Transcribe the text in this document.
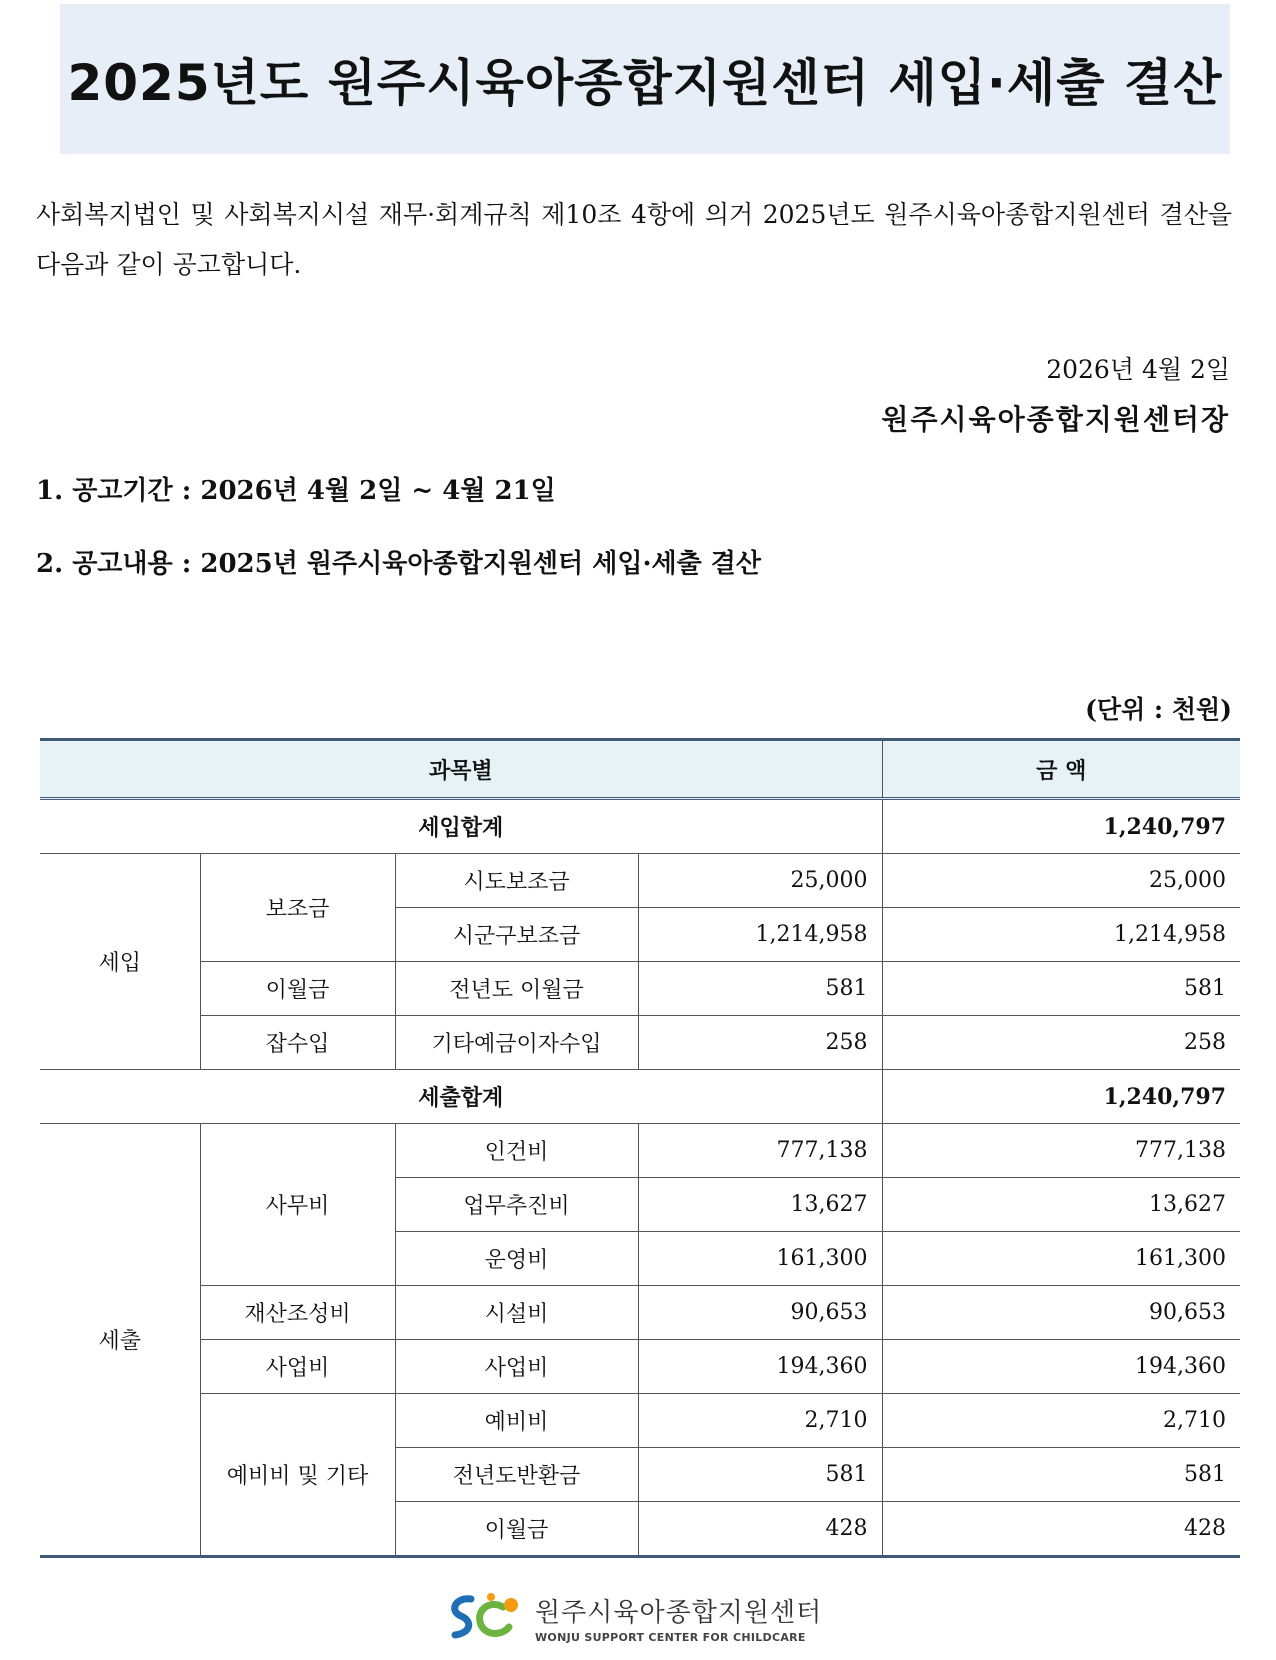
2025년도 원주시육아종합지원센터 세입·세출 결산
사회복지법인 및 사회복지시설 재무·회계규칙 제10조 4항에 의거 2025년도 원주시육아종합지원센터 결산을 다음과 같이 공고합니다.
2026년 4월 2일
원주시육아종합지원센터장
1. 공고기간 : 2026년 4월 2일 ~ 4월 21일
2. 공고내용 : 2025년 원주시육아종합지원센터 세입·세출 결산
(단위 : 천원)
과목별				금 액
세입합계				1,240,797
세입	보조금	시도보조금	25,000	25,000
		시군구보조금	1,214,958	1,214,958
	이월금	전년도 이월금	581	581
	잡수입	기타예금이자수입	258	258
세출합계				1,240,797
세출	사무비	인건비	777,138	777,138
		업무추진비	13,627	13,627
		운영비	161,300	161,300
	재산조성비	시설비	90,653	90,653
	사업비	사업비	194,360	194,360
	예비비 및 기타	예비비	2,710	2,710
		전년도반환금	581	581
		이월금	428	428
원주시육아종합지원센터
WONJU SUPPORT CENTER FOR CHILDCARE
